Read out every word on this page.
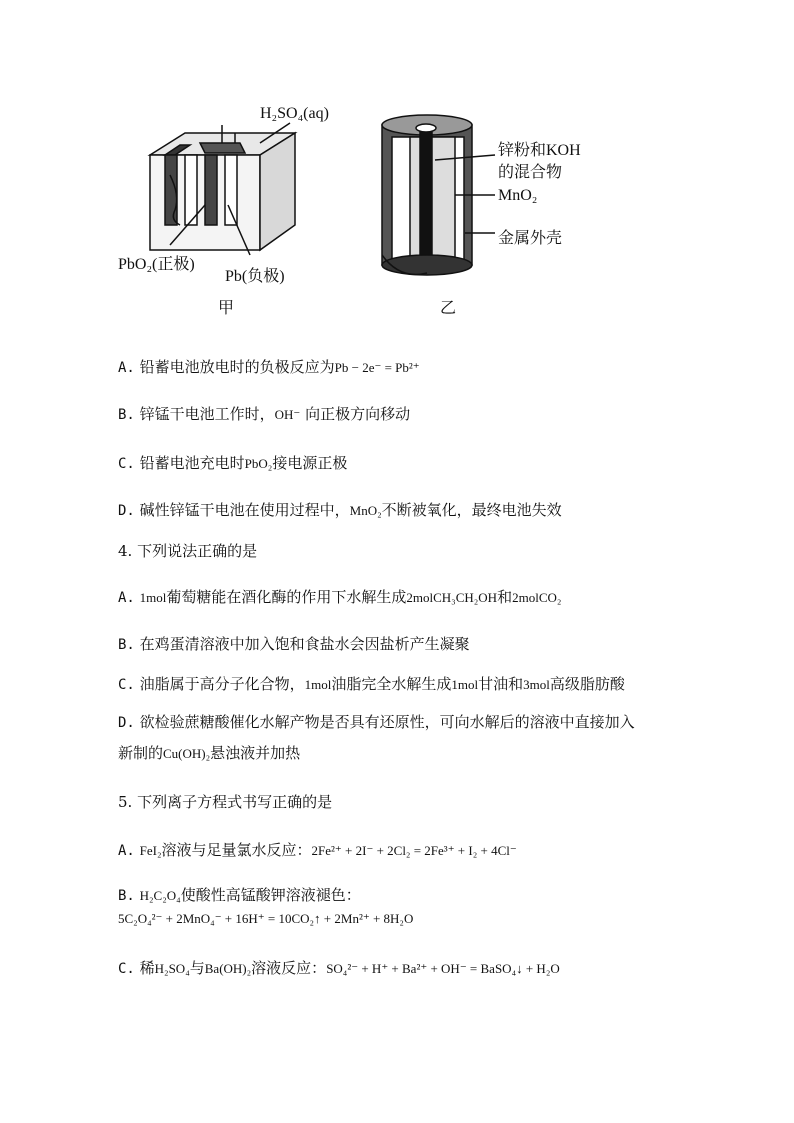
H₂SO₄(aq)
PbO₂(正极)
Pb(负极)
甲
锌粉和KOH
的混合物
MnO₂
金属外壳
乙
A. 铅蓄电池放电时的负极反应为Pb − 2e⁻ = Pb²⁺
B. 锌锰干电池工作时，OH⁻ 向正极方向移动
C. 铅蓄电池充电时PbO₂接电源正极
D. 碱性锌锰干电池在使用过程中，MnO₂不断被氧化，最终电池失效
4. 下列说法正确的是
A. 1mol葡萄糖能在酒化酶的作用下水解生成2molCH₃CH₂OH和2molCO₂
B. 在鸡蛋清溶液中加入饱和食盐水会因盐析产生凝聚
C. 油脂属于高分子化合物，1mol油脂完全水解生成1mol甘油和3mol高级脂肪酸
D. 欲检验蔗糖酸催化水解产物是否具有还原性，可向水解后的溶液中直接加入
新制的Cu(OH)₂悬浊液并加热
5. 下列离子方程式书写正确的是
A. FeI₂溶液与足量氯水反应：2Fe²⁺ + 2I⁻ + 2Cl₂ = 2Fe³⁺ + I₂ + 4Cl⁻
B. H₂C₂O₄使酸性高锰酸钾溶液褪色：
5C₂O₄²⁻ + 2MnO₄⁻ + 16H⁺ = 10CO₂↑ + 2Mn²⁺ + 8H₂O
C. 稀H₂SO₄与Ba(OH)₂溶液反应：SO₄²⁻ + H⁺ + Ba²⁺ + OH⁻ = BaSO₄↓ + H₂O
